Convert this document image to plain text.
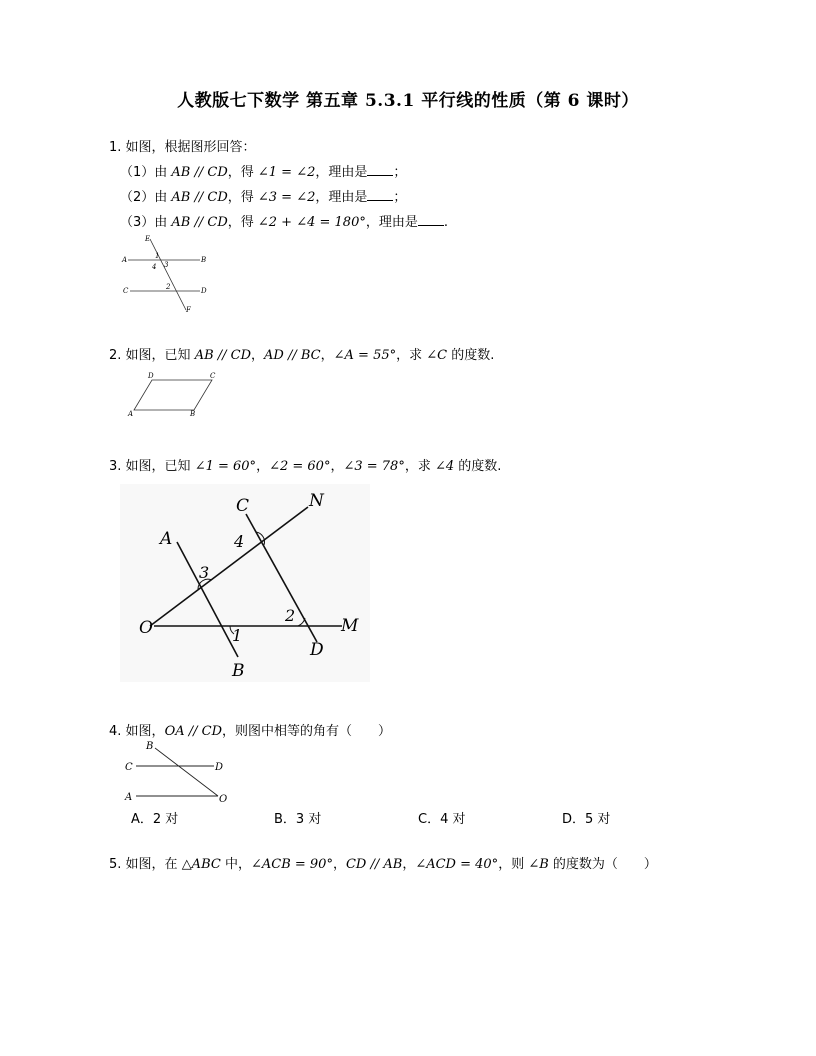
人教版七下数学 第五章 5.3.1 平行线的性质（第 6 课时）
1. 如图，根据图形回答：
（1）由 AB // CD，得 ∠1 = ∠2，理由是 ；
（2）由 AB // CD，得 ∠3 = ∠2，理由是 ；
（3）由 AB // CD，得 ∠2 + ∠4 = 180°，理由是 .
E
A	B
C	D
F
1
3
4
2
2. 如图，已知 AB // CD，AD // BC，∠A = 55°，求 ∠C 的度数.
D	C
A	B
3. 如图，已知 ∠1 = 60°，∠2 = 60°，∠3 = 78°，求 ∠4 的度数.
C	N
A	4
3
O	1
2
M
D
B
4. 如图，OA // CD，则图中相等的角有（　　）
B
C	D
A	O
A．2 对	B．3 对	C．4 对	D．5 对
5. 如图，在 △ABC 中，∠ACB = 90°，CD // AB，∠ACD = 40°，则 ∠B 的度数为（　　）
